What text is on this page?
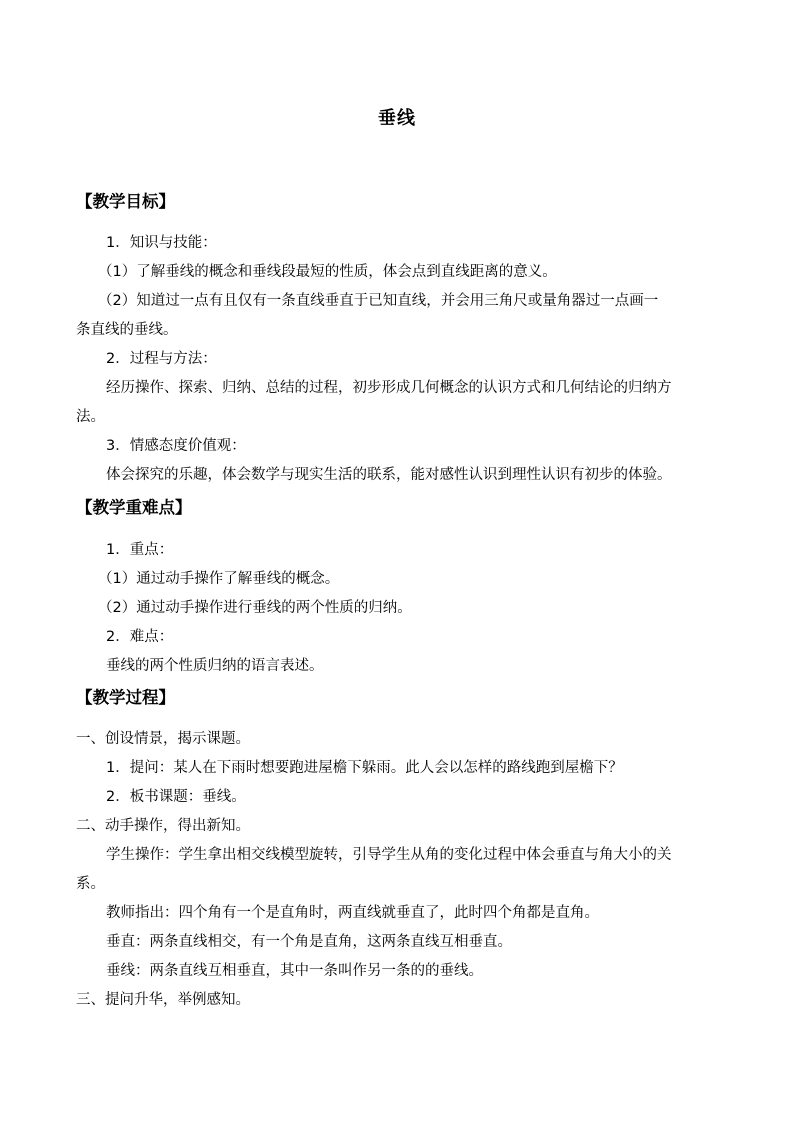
垂线
【教学目标】
1．知识与技能：
（1）了解垂线的概念和垂线段最短的性质，体会点到直线距离的意义。
（2）知道过一点有且仅有一条直线垂直于已知直线，并会用三角尺或量角器过一点画一
条直线的垂线。
2．过程与方法：
经历操作、探索、归纳、总结的过程，初步形成几何概念的认识方式和几何结论的归纳方
法。
3．情感态度价值观：
体会探究的乐趣，体会数学与现实生活的联系，能对感性认识到理性认识有初步的体验。
【教学重难点】
1．重点：
（1）通过动手操作了解垂线的概念。
（2）通过动手操作进行垂线的两个性质的归纳。
2．难点：
垂线的两个性质归纳的语言表述。
【教学过程】
一、创设情景，揭示课题。
1．提问：某人在下雨时想要跑进屋檐下躲雨。此人会以怎样的路线跑到屋檐下？
2．板书课题：垂线。
二、动手操作，得出新知。
学生操作：学生拿出相交线模型旋转，引导学生从角的变化过程中体会垂直与角大小的关
系。
教师指出：四个角有一个是直角时，两直线就垂直了，此时四个角都是直角。
垂直：两条直线相交，有一个角是直角，这两条直线互相垂直。
垂线：两条直线互相垂直，其中一条叫作另一条的的垂线。
三、提问升华，举例感知。
